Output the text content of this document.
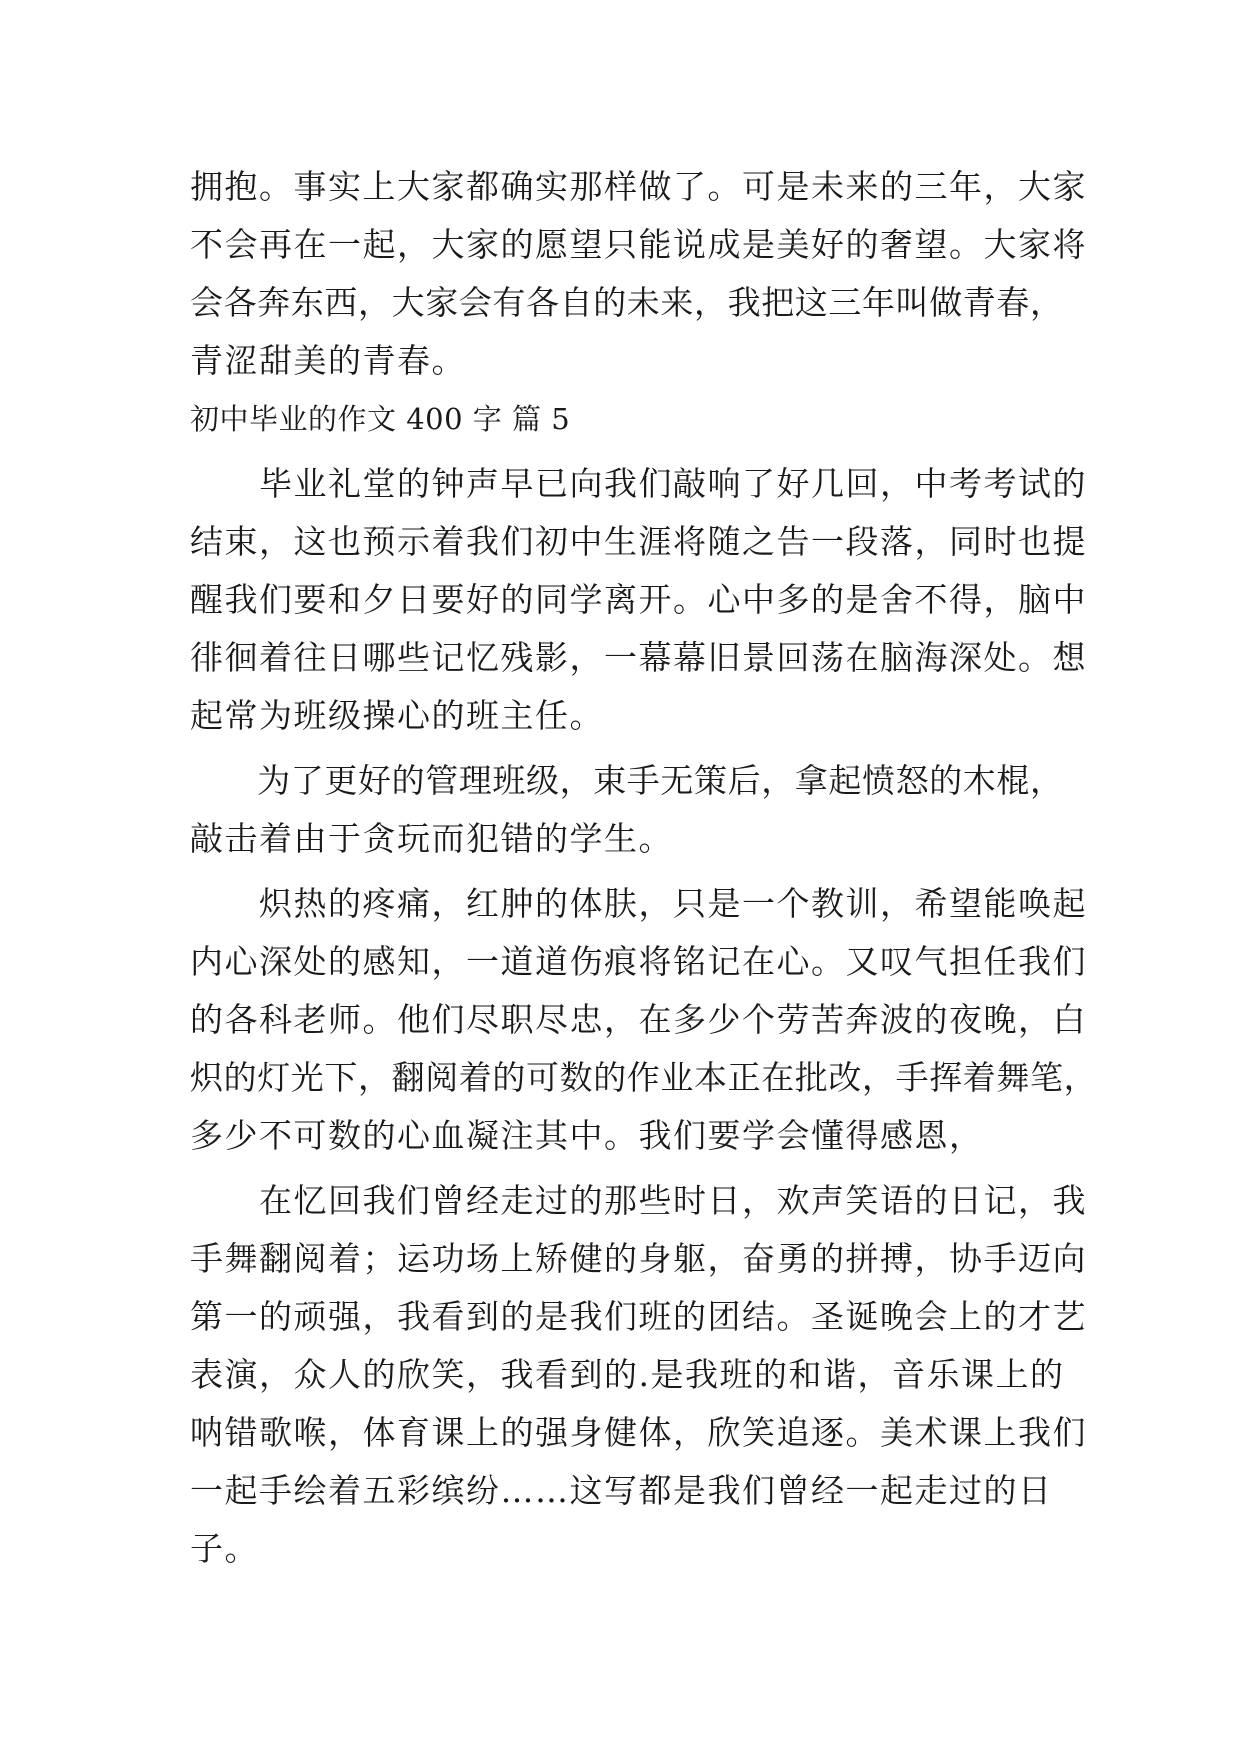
拥抱。事实上大家都确实那样做了。可是未来的三年，大家
不会再在一起，大家的愿望只能说成是美好的奢望。大家将
会各奔东西，大家会有各自的未来，我把这三年叫做青春，
青涩甜美的青春。
初中毕业的作文 400 字 篇 5
　　毕业礼堂的钟声早已向我们敲响了好几回，中考考试的
结束，这也预示着我们初中生涯将随之告一段落，同时也提
醒我们要和夕日要好的同学离开。心中多的是舍不得，脑中
徘徊着往日哪些记忆残影，一幕幕旧景回荡在脑海深处。想
起常为班级操心的班主任。
　　为了更好的管理班级，束手无策后，拿起愤怒的木棍，
敲击着由于贪玩而犯错的学生。
　　炽热的疼痛，红肿的体肤，只是一个教训，希望能唤起
内心深处的感知，一道道伤痕将铭记在心。又叹气担任我们
的各科老师。他们尽职尽忠，在多少个劳苦奔波的夜晚，白
炽的灯光下，翻阅着的可数的作业本正在批改，手挥着舞笔，
多少不可数的心血凝注其中。我们要学会懂得感恩，
　　在忆回我们曾经走过的那些时日，欢声笑语的日记，我
手舞翻阅着；运功场上矫健的身躯，奋勇的拼搏，协手迈向
第一的顽强，我看到的是我们班的团结。圣诞晚会上的才艺
表演，众人的欣笑，我看到的.是我班的和谐，音乐课上的
呐错歌喉，体育课上的强身健体，欣笑追逐。美术课上我们
一起手绘着五彩缤纷……这写都是我们曾经一起走过的日
子。
